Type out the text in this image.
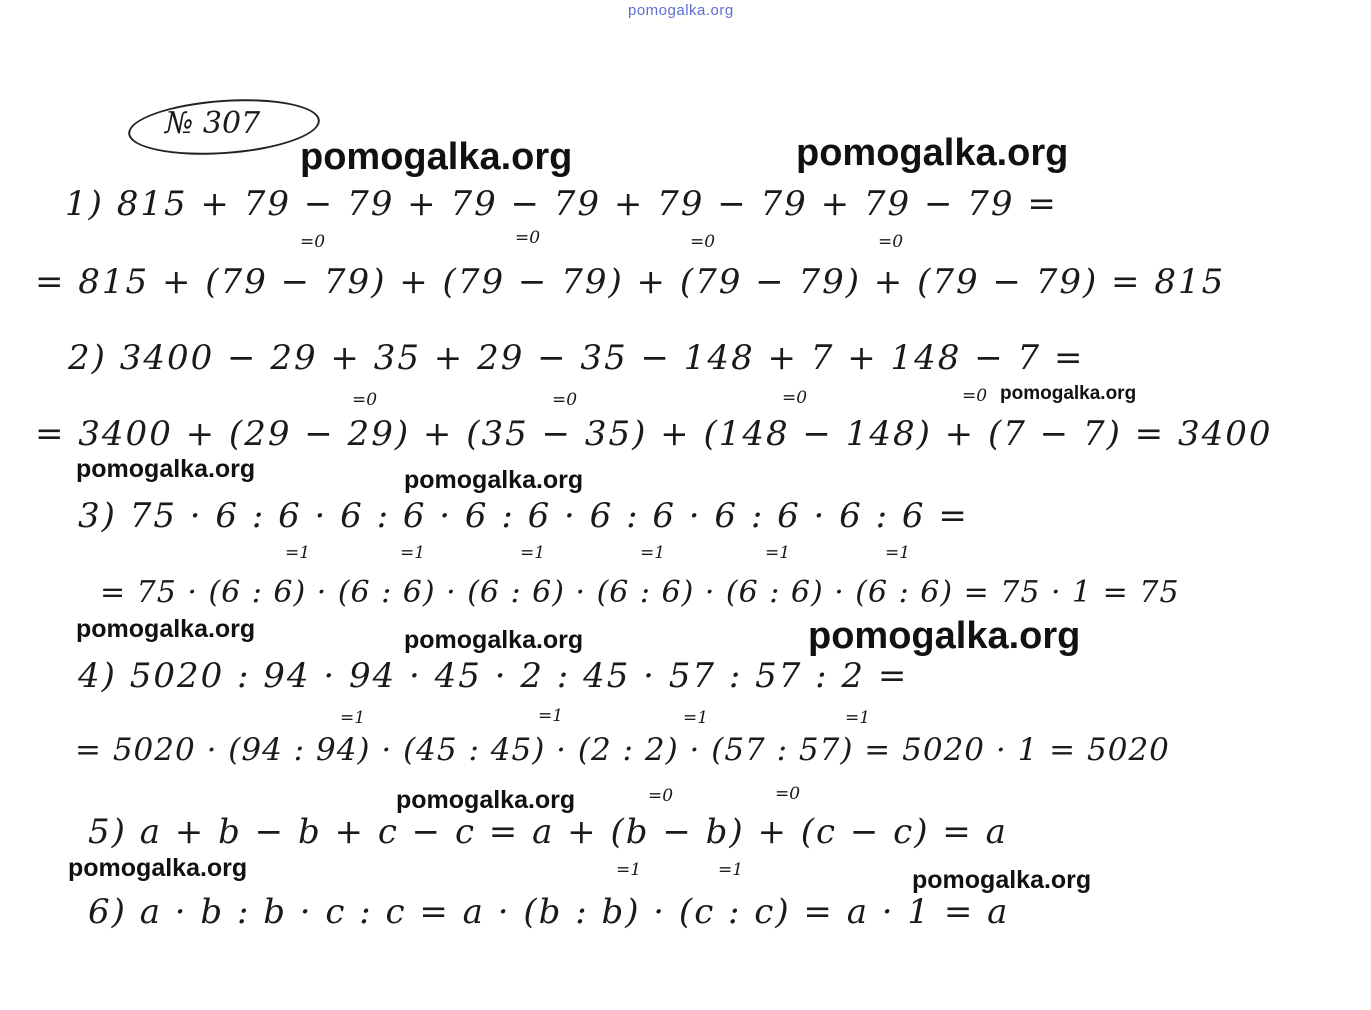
pomogalka.org
№ 307
1) 815 + 79 − 79 + 79 − 79 + 79 − 79 + 79 − 79 =
= 815 + (79 − 79) + (79 − 79) + (79 − 79) + (79 − 79) = 815
2) 3400 − 29 + 35 + 29 − 35 − 148 + 7 + 148 − 7 =
= 3400 + (29 − 29) + (35 − 35) + (148 − 148) + (7 − 7) = 3400
3) 75 · 6 : 6 · 6 : 6 · 6 : 6 · 6 : 6 · 6 : 6 · 6 : 6 =
= 75 · (6 : 6) · (6 : 6) · (6 : 6) · (6 : 6) · (6 : 6) · (6 : 6) = 75 · 1 = 75
4) 5020 : 94 · 94 · 45 · 2 : 45 · 57 : 57 : 2 =
= 5020 · (94 : 94) · (45 : 45) · (2 : 2) · (57 : 57) = 5020 · 1 = 5020
5) a + b − b + c − c = a + (b − b) + (c − c) = a
6) a · b : b · c : c = a · (b : b) · (c : c) = a · 1 = a
=0	=0	=0	=0
=0	=0	=0	=0
=1	=1	=1	=1	=1	=1
=1	=1	=1	=1
=0	=0
=1	=1
pomogalka.org	pomogalka.org
pomogalka.org
pomogalka.org	pomogalka.org
pomogalka.org	pomogalka.org	pomogalka.org
pomogalka.org
pomogalka.org	pomogalka.org
